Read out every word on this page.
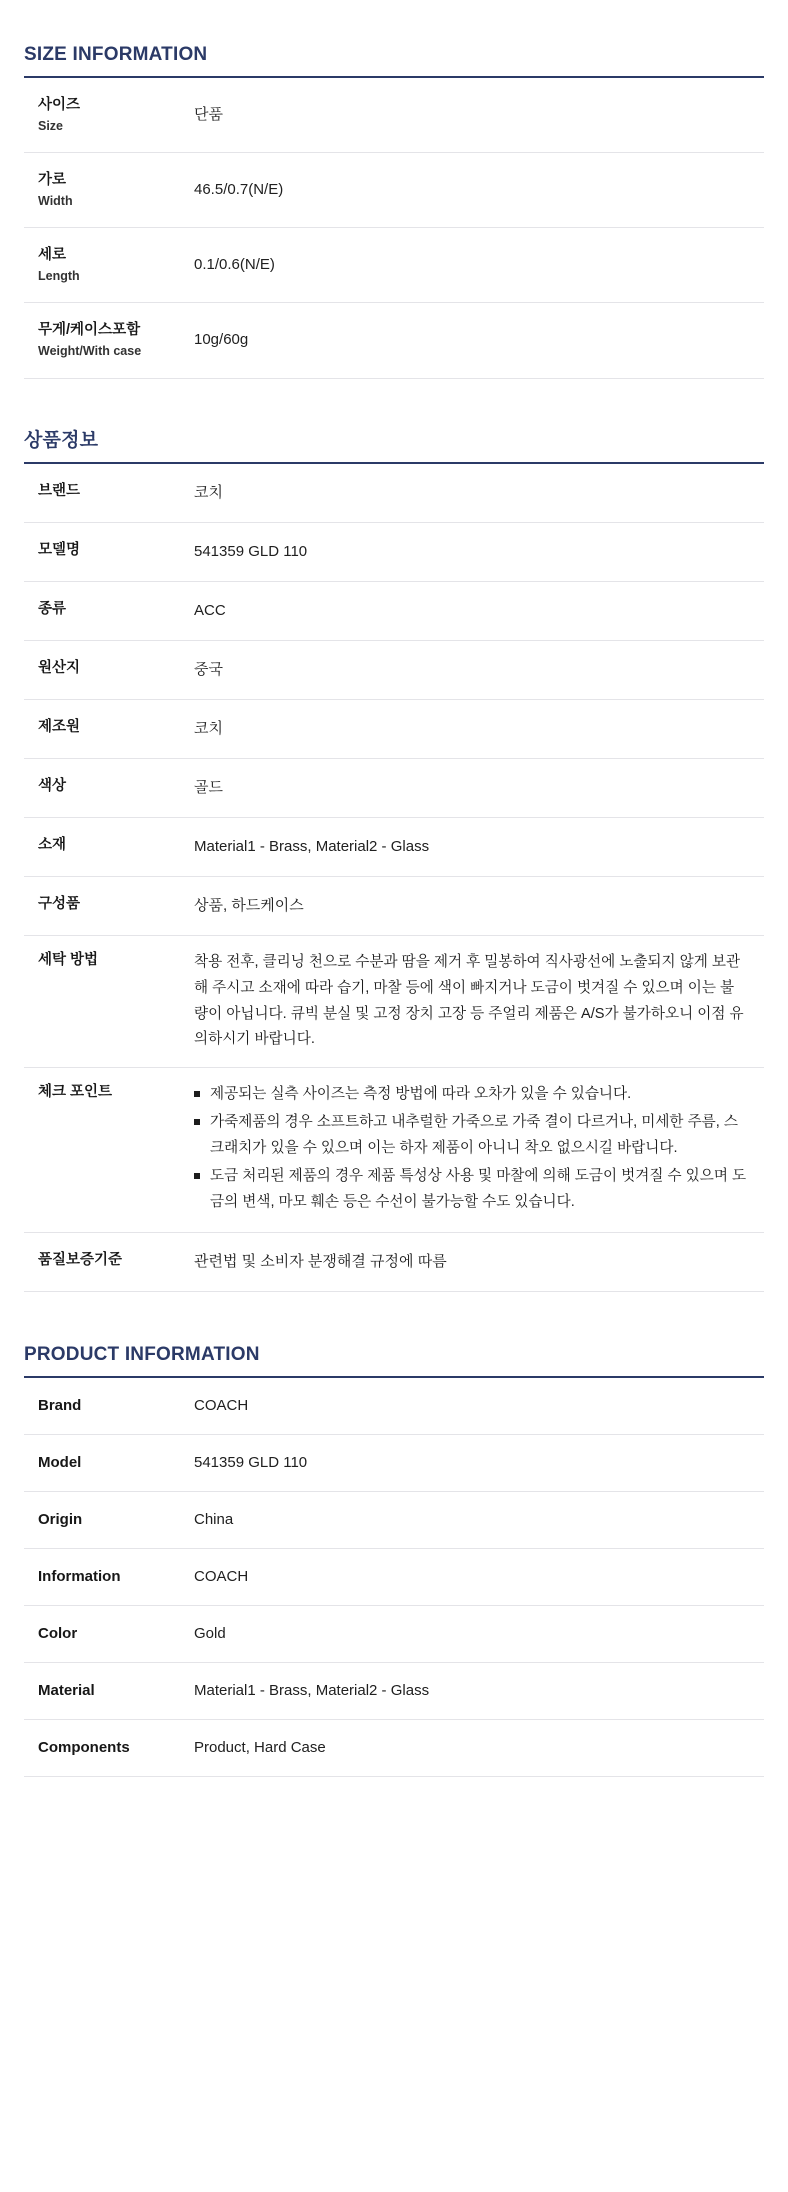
SIZE INFORMATION
사이즈
Size	단품
가로
Width	46.5/0.7(N/E)
세로
Length	0.1/0.6(N/E)
무게/케이스포함
Weight/With case	10g/60g
상품정보
브랜드	코치
모델명	541359 GLD 110
종류	ACC
원산지	중국
제조원	코치
색상	골드
소재	Material1 - Brass, Material2 - Glass
구성품	상품, 하드케이스
세탁 방법	착용 전후, 클리닝 천으로 수분과 땀을 제거 후 밀봉하여 직사광선에 노출되지 않게 보관해 주시고 소재에 따라 습기, 마찰 등에 색이 빠지거나 도금이 벗겨질 수 있으며 이는 불량이 아닙니다. 큐빅 분실 및 고정 장치 고장 등 주얼리 제품은 A/S가 불가하오니 이점 유의하시기 바랍니다.

체크 포인트	제공되는 실측 사이즈는 측정 방법에 따라 오차가 있을 수 있습니다.
가죽제품의 경우 소프트하고 내추럴한 가죽으로 가죽 결이 다르거나, 미세한 주름, 스크래치가 있을 수 있으며 이는 하자 제품이 아니니 착오 없으시길 바랍니다.
도금 처리된 제품의 경우 제품 특성상 사용 및 마찰에 의해 도금이 벗겨질 수 있으며 도금의 변색, 마모 훼손 등은 수선이 불가능할 수도 있습니다.

품질보증기준	관련법 및 소비자 분쟁해결 규정에 따름
PRODUCT INFORMATION
Brand	COACH
Model	541359 GLD 110
Origin	China
Information	COACH
Color	Gold
Material	Material1 - Brass, Material2 - Glass
Components	Product, Hard Case
